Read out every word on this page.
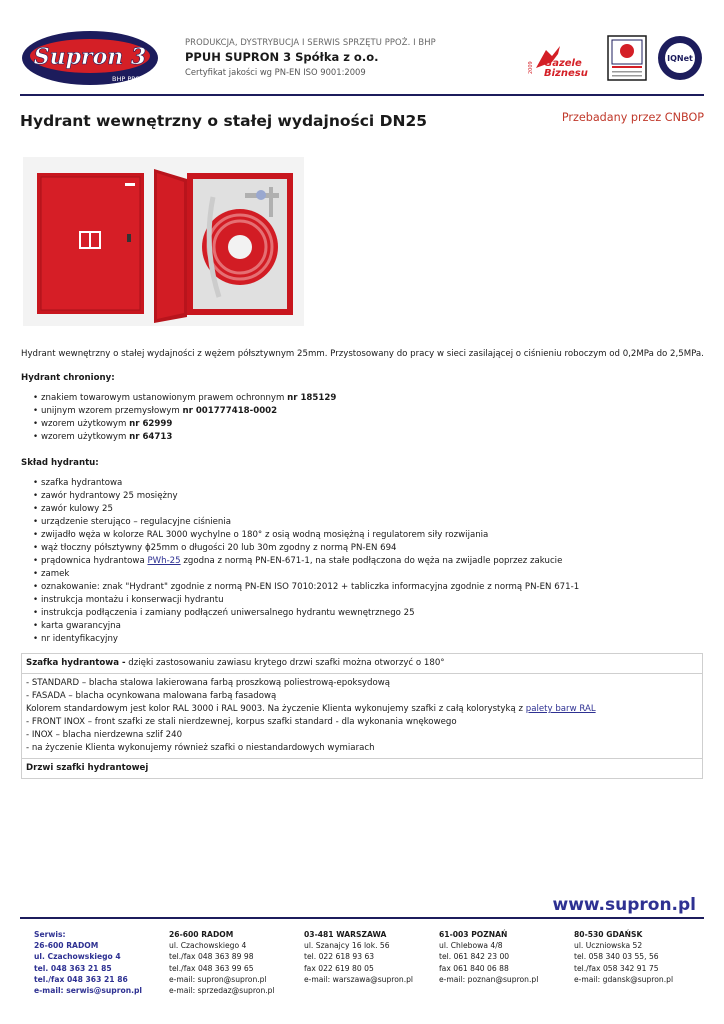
Supron 3
BHP PPOŻ.
PRODUKCJA, DYSTRYBUCJA I SERWIS SPRZĘTU PPOŻ. I BHP
PPUH SUPRON 3 Spółka z o.o.
Certyfikat jakości wg PN-EN ISO 9001:2009	2009 Gazele
Biznesu
IQNet
Hydrant wewnętrzny o stałej wydajności DN25	Przebadany przez CNBOP

Hydrant wewnętrzny o stałej wydajności z wężem półsztywnym 25mm. Przystosowany do pracy w sieci zasilającej o ciśnieniu roboczym od 0,2MPa do 2,5MPa.

Hydrant chroniony:

• znakiem towarowym ustanowionym prawem ochronnym nr 185129
• unijnym wzorem przemysłowym nr 001777418-0002
• wzorem użytkowym nr 62999
• wzorem użytkowym nr 64713

Skład hydrantu:

• szafka hydrantowa
• zawór hydrantowy 25 mosiężny
• zawór kulowy 25
• urządzenie sterująco – regulacyjne ciśnienia
• zwijadło węża w kolorze RAL 3000 wychylne o 180° z osią wodną mosiężną i regulatorem siły rozwijania
• wąż tłoczny półsztywny ϕ25mm o długości 20 lub 30m zgodny z normą PN-EN 694
• prądownica hydrantowa PWh-25 zgodna z normą PN-EN-671-1, na stałe podłączona do węża na zwijadle poprzez zakucie
• zamek
• oznakowanie: znak "Hydrant" zgodnie z normą PN-EN ISO 7010:2012 + tabliczka informacyjna zgodnie z normą PN-EN 671-1
• instrukcja montażu i konserwacji hydrantu
• instrukcja podłączenia i zamiany podłączeń uniwersalnego hydrantu wewnętrznego 25
• karta gwarancyjna
• nr identyfikacyjny
Szafka hydrantowa - dzięki zastosowaniu zawiasu krytego drzwi szafki można otworzyć o 180°
- STANDARD – blacha stalowa lakierowana farbą proszkową poliestrową-epoksydową
- FASADA – blacha ocynkowana malowana farbą fasadową
Kolorem standardowym jest kolor RAL 3000 i RAL 9003. Na życzenie Klienta wykonujemy szafki z całą kolorystyką z palety barw RAL
- FRONT INOX – front szafki ze stali nierdzewnej, korpus szafki standard - dla wykonania wnękowego
- INOX – blacha nierdzewna szlif 240
- na życzenie Klienta wykonujemy również szafki o niestandardowych wymiarach
Drzwi szafki hydrantowej
www.supron.pl
Serwis:
26-600 RADOM
ul. Czachowskiego 4
tel. 048 363 21 85
tel./fax 048 363 21 86
e-mail: serwis@supron.pl
26-600 RADOM
ul. Czachowskiego 4
tel./fax 048 363 89 98
tel./fax 048 363 99 65
e-mail: supron@supron.pl
e-mail: sprzedaz@supron.pl
03-481 WARSZAWA
ul. Szanajcy 16 lok. 56
tel. 022 618 93 63
fax 022 619 80 05
e-mail: warszawa@supron.pl
61-003 POZNAŃ
ul. Chlebowa 4/8
tel. 061 842 23 00
fax 061 840 06 88
e-mail: poznan@supron.pl
80-530 GDAŃSK
ul. Uczniowska 52
tel. 058 340 03 55, 56
tel./fax 058 342 91 75
e-mail: gdansk@supron.pl
